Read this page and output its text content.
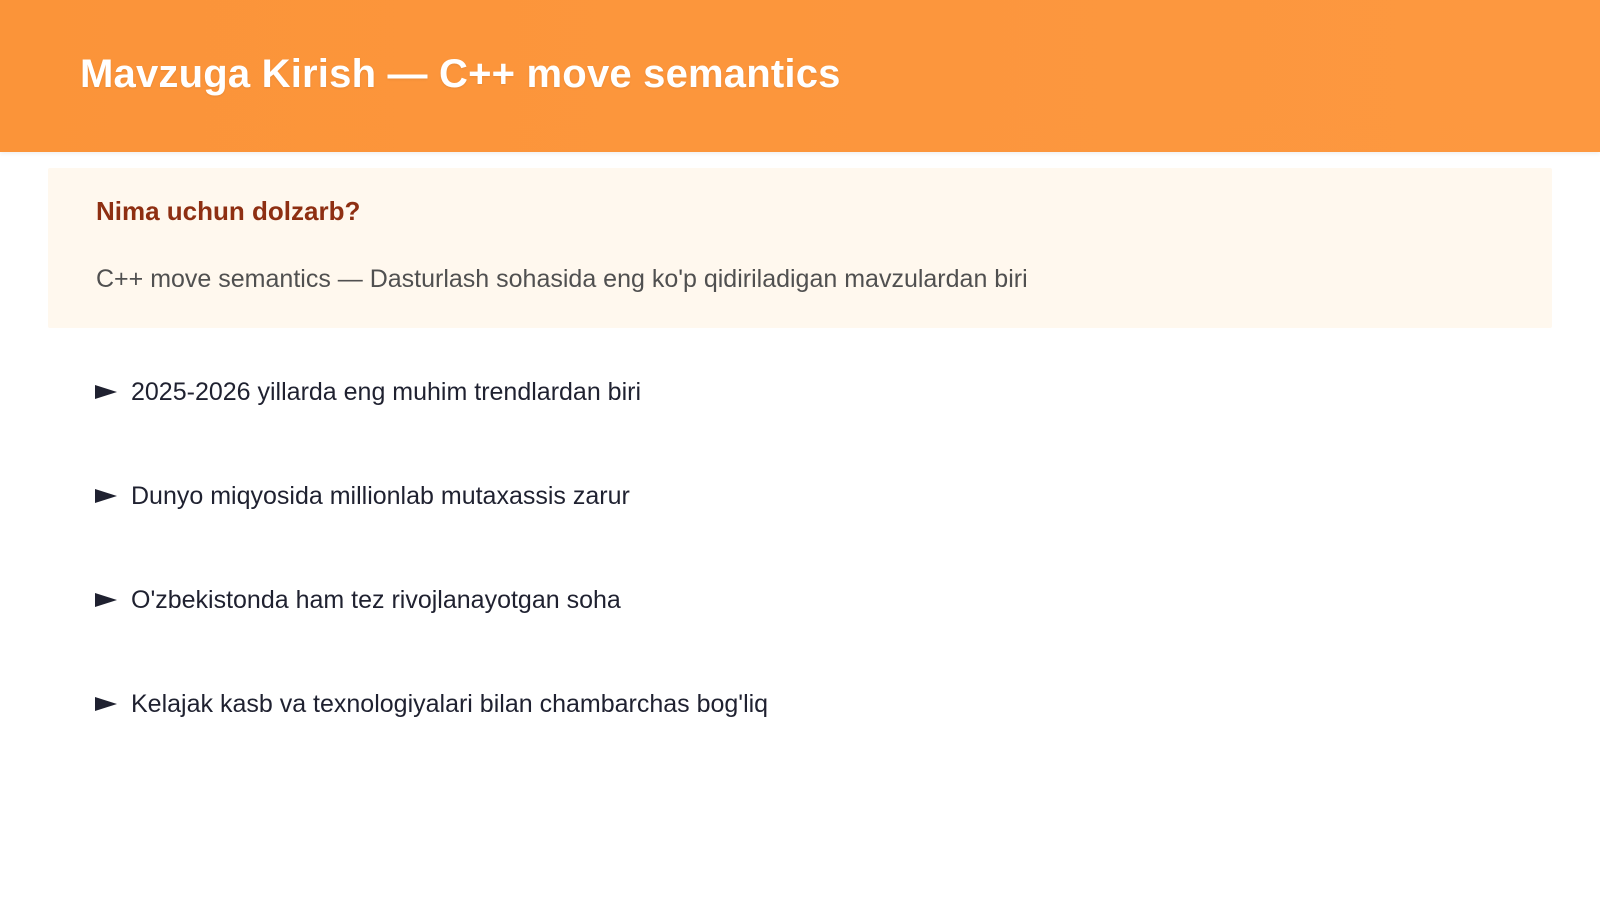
Mavzuga Kirish — C++ move semantics
Nima uchun dolzarb?
C++ move semantics — Dasturlash sohasida eng ko'p qidiriladigan mavzulardan biri
2025-2026 yillarda eng muhim trendlardan biri
Dunyo miqyosida millionlab mutaxassis zarur
O'zbekistonda ham tez rivojlanayotgan soha
Kelajak kasb va texnologiyalari bilan chambarchas bog'liq
